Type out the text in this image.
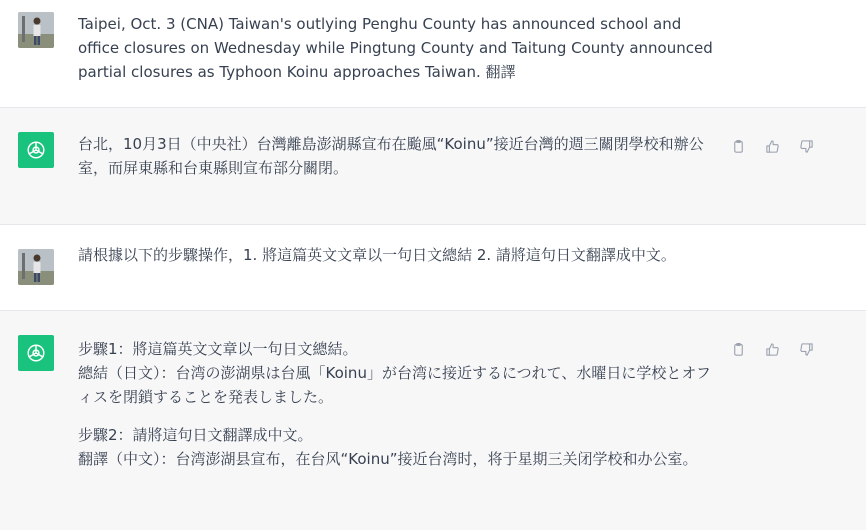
Taipei, Oct. 3 (CNA) Taiwan's outlying Penghu County has announced school and office closures on Wednesday while Pingtung County and Taitung County announced partial closures as Typhoon Koinu approaches Taiwan. 翻譯

台北，10月3日（中央社）台灣離島澎湖縣宣布在颱風“Koinu”接近台灣的週三關閉學校和辦公室，而屏東縣和台東縣則宣布部分關閉。

請根據以下的步驟操作，1. 將這篇英文文章以一句日文總結 2. 請將這句日文翻譯成中文。

步驟1：將這篇英文文章以一句日文總結。

總結（日文）：台湾の澎湖県は台風「Koinu」が台湾に接近するにつれて、水曜日に学校とオフィスを閉鎖することを発表しました。

步驟2：請將這句日文翻譯成中文。

翻譯（中文）：台湾澎湖县宣布，在台风“Koinu”接近台湾时，将于星期三关闭学校和办公室。
